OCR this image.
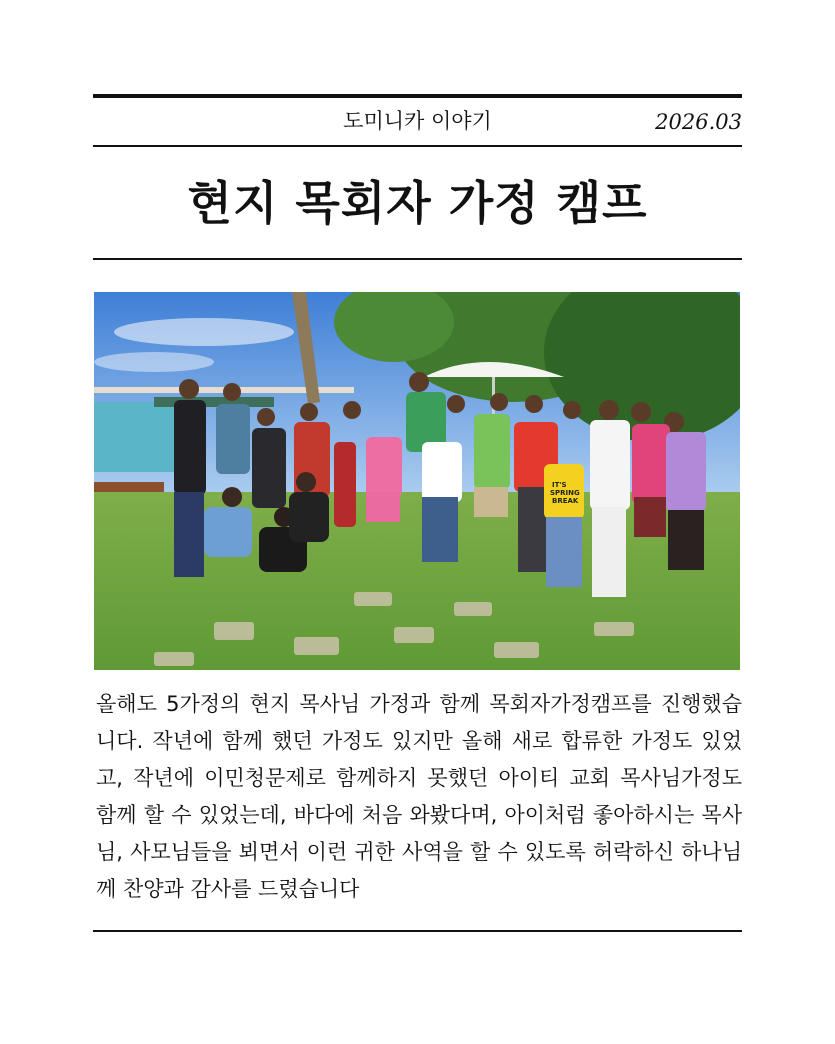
도미니카 이야기	2026.03
현지 목회자 가정 캠프
IT'S SPRING BREAK
올해도 5가정의 현지 목사님 가정과 함께 목회자가정캠프를 진행했습니다. 작년에 함께 했던 가정도 있지만 올해 새로 합류한 가정도 있었고, 작년에 이민청문제로 함께하지 못했던 아이티 교회 목사님가정도 함께 할 수 있었는데, 바다에 처음 와봤다며, 아이처럼 좋아하시는 목사님, 사모님들을 뵈면서 이런 귀한 사역을 할 수 있도록 허락하신 하나님께 찬양과 감사를 드렸습니다
